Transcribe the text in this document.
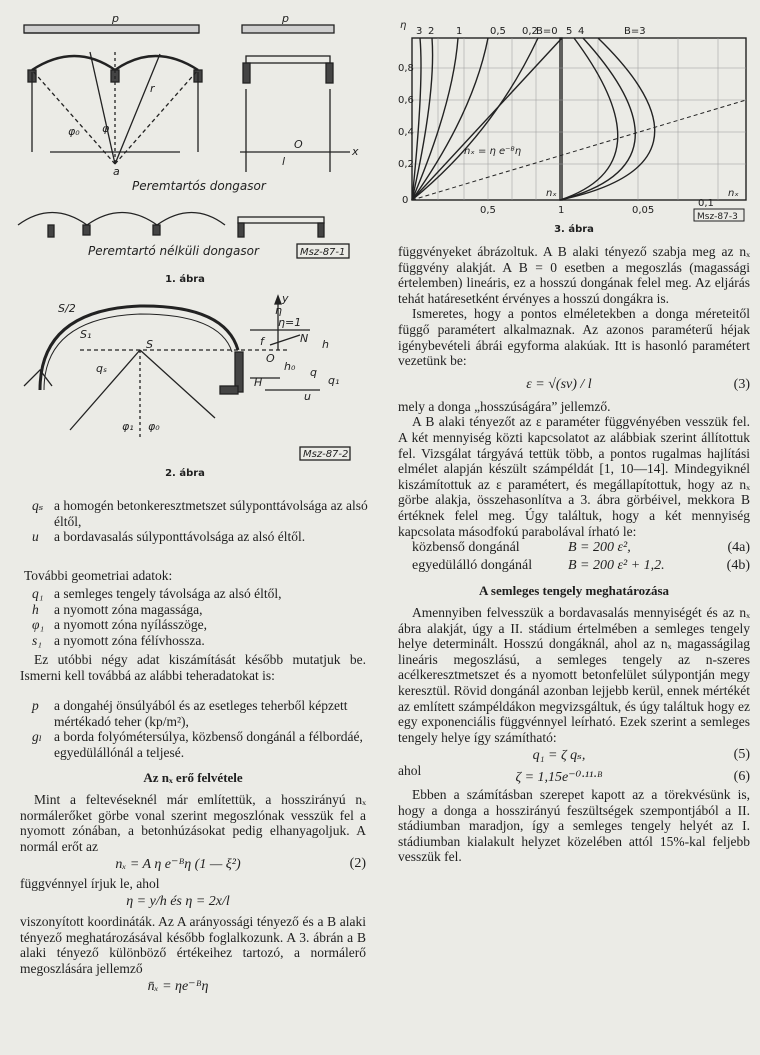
p	p
r
φ
φ₀
a
O
l
x
Peremtartós dongasor
Peremtartó nélküli dongasor	Msz-87-1
1. ábra
y
η
η=1
S/2
S₁
S
qₛ
f
O
N h
h₀
H
q
q₁
u
φ₁ φ₀
Msz-87-2
2. ábra
qₛ a homogén betonkeresztmetszet súlyponttávolsága az alsó éltől,
u a bordavasalás súlyponttávolsága az alsó éltől.
További geometriai adatok:
q₁ a semleges tengely távolsága az alsó éltől,
h a nyomott zóna magassága,
φ₁ a nyomott zóna nyílásszöge,
s₁ a nyomott zóna félívhossza.
Ez utóbbi négy adat kiszámítását később mutatjuk be. Ismerni kell továbbá az alábbi teheradatokat is:
p a dongahéj önsúlyából és az esetleges teherből képzett mértékadó teher (kp/m²),
gₗ a borda folyómétersúlya, közbenső dongánál a félbordáé, egyedülállónál a teljesé.
Az nₓ erő felvétele
Mint a feltevéseknél már említettük, a hosszirányú nₓ normálerőket görbe vonal szerint megoszlónak vesszük fel a nyomott zónában, a betonhúzásokat pedig elhanyagoljuk. A normál erőt az
nₓ = A η e⁻ᴮη (1 — ξ²)	(2)
függvénnyel írjuk le, ahol
η = y/h és η = 2x/l
viszonyított koordináták. Az A arányossági tényező és a B alaki tényező meghatározásával később foglalkozunk. A 3. ábrán a B alaki tényező különböző értékeihez tartozó, a normálerő megoszlására jellemző
n̄ₓ = ηe⁻ᴮη
η
3 2 1	0,5 0,2
B=0 5 4	B=3
0,8
0,6
0,4
0,2
0
0,5	1	0,05
0,1
nₓ = η e⁻ᴮη
nₓ	nₓ
Msz-87-3
3. ábra
függvényeket ábrázoltuk. A B alaki tényező szabja meg az nₓ függvény alakját. A B = 0 esetben a megoszlás (magassági értelemben) lineáris, ez a hosszú dongának felel meg. Az eljárás tehát határesetként érvényes a hosszú dongákra is.
Ismeretes, hogy a pontos elméletekben a donga méreteitől függő paramétert alkalmaznak. Az azonos paraméterű héjak igénybevételi ábrái egyforma alakúak. Itt is hasonló paramétert vezetünk be:
ε = √(sv) / l	(3)
mely a donga „hosszúságára” jellemző.
A B alaki tényezőt az ε paraméter függvényében vesszük fel. A két mennyiség közti kapcsolatot az alábbiak szerint állítottuk fel. Vizsgálat tárgyává tettük több, a pontos rugalmas hajlítási elmélet alapján készült számpéldát [1, 10—14]. Mindegyiknél kiszámítottuk az ε paramétert, és megállapítottuk, hogy az nₓ görbe alakja, összehasonlítva a 3. ábra görbéivel, mekkora B értéknek felel meg. Úgy találtuk, hogy a két mennyiség kapcsolata másodfokú parabolával írható le:
közbenső dongánál	B = 200 ε²,	(4a)
egyedülálló dongánál	B = 200 ε² + 1,2.	(4b)
A semleges tengely meghatározása
Amennyiben felvesszük a bordavasalás mennyiségét és az nₓ ábra alakját, úgy a II. stádium értelmében a semleges tengely helye determinált. Hosszú dongáknál, ahol az nₓ magasságilag lineáris megoszlású, a semleges tengely az n-szeres acélkeresztmetszet és a nyomott betonfelület súlypontján megy keresztül. Rövid dongánál azonban lejjebb kerül, ennek mértékét az említett számpéldákon megvizsgáltuk, és úgy találtuk hogy ez egy exponenciális függvénnyel leírható. Ezek szerint a semleges tengely helye így számítható:
q₁ = ζ qₛ,	(5)
ahol	ζ = 1,15e⁻⁰·¹¹·ᴮ	(6)
Ebben a számításban szerepet kapott az a törekvésünk is, hogy a donga a hosszirányú feszültségek szempontjából a II. stádiumban maradjon, így a semleges tengely helyét az I. stádiumban kialakult helyzet közelében attól 15%-kal feljebb vesszük fel.
